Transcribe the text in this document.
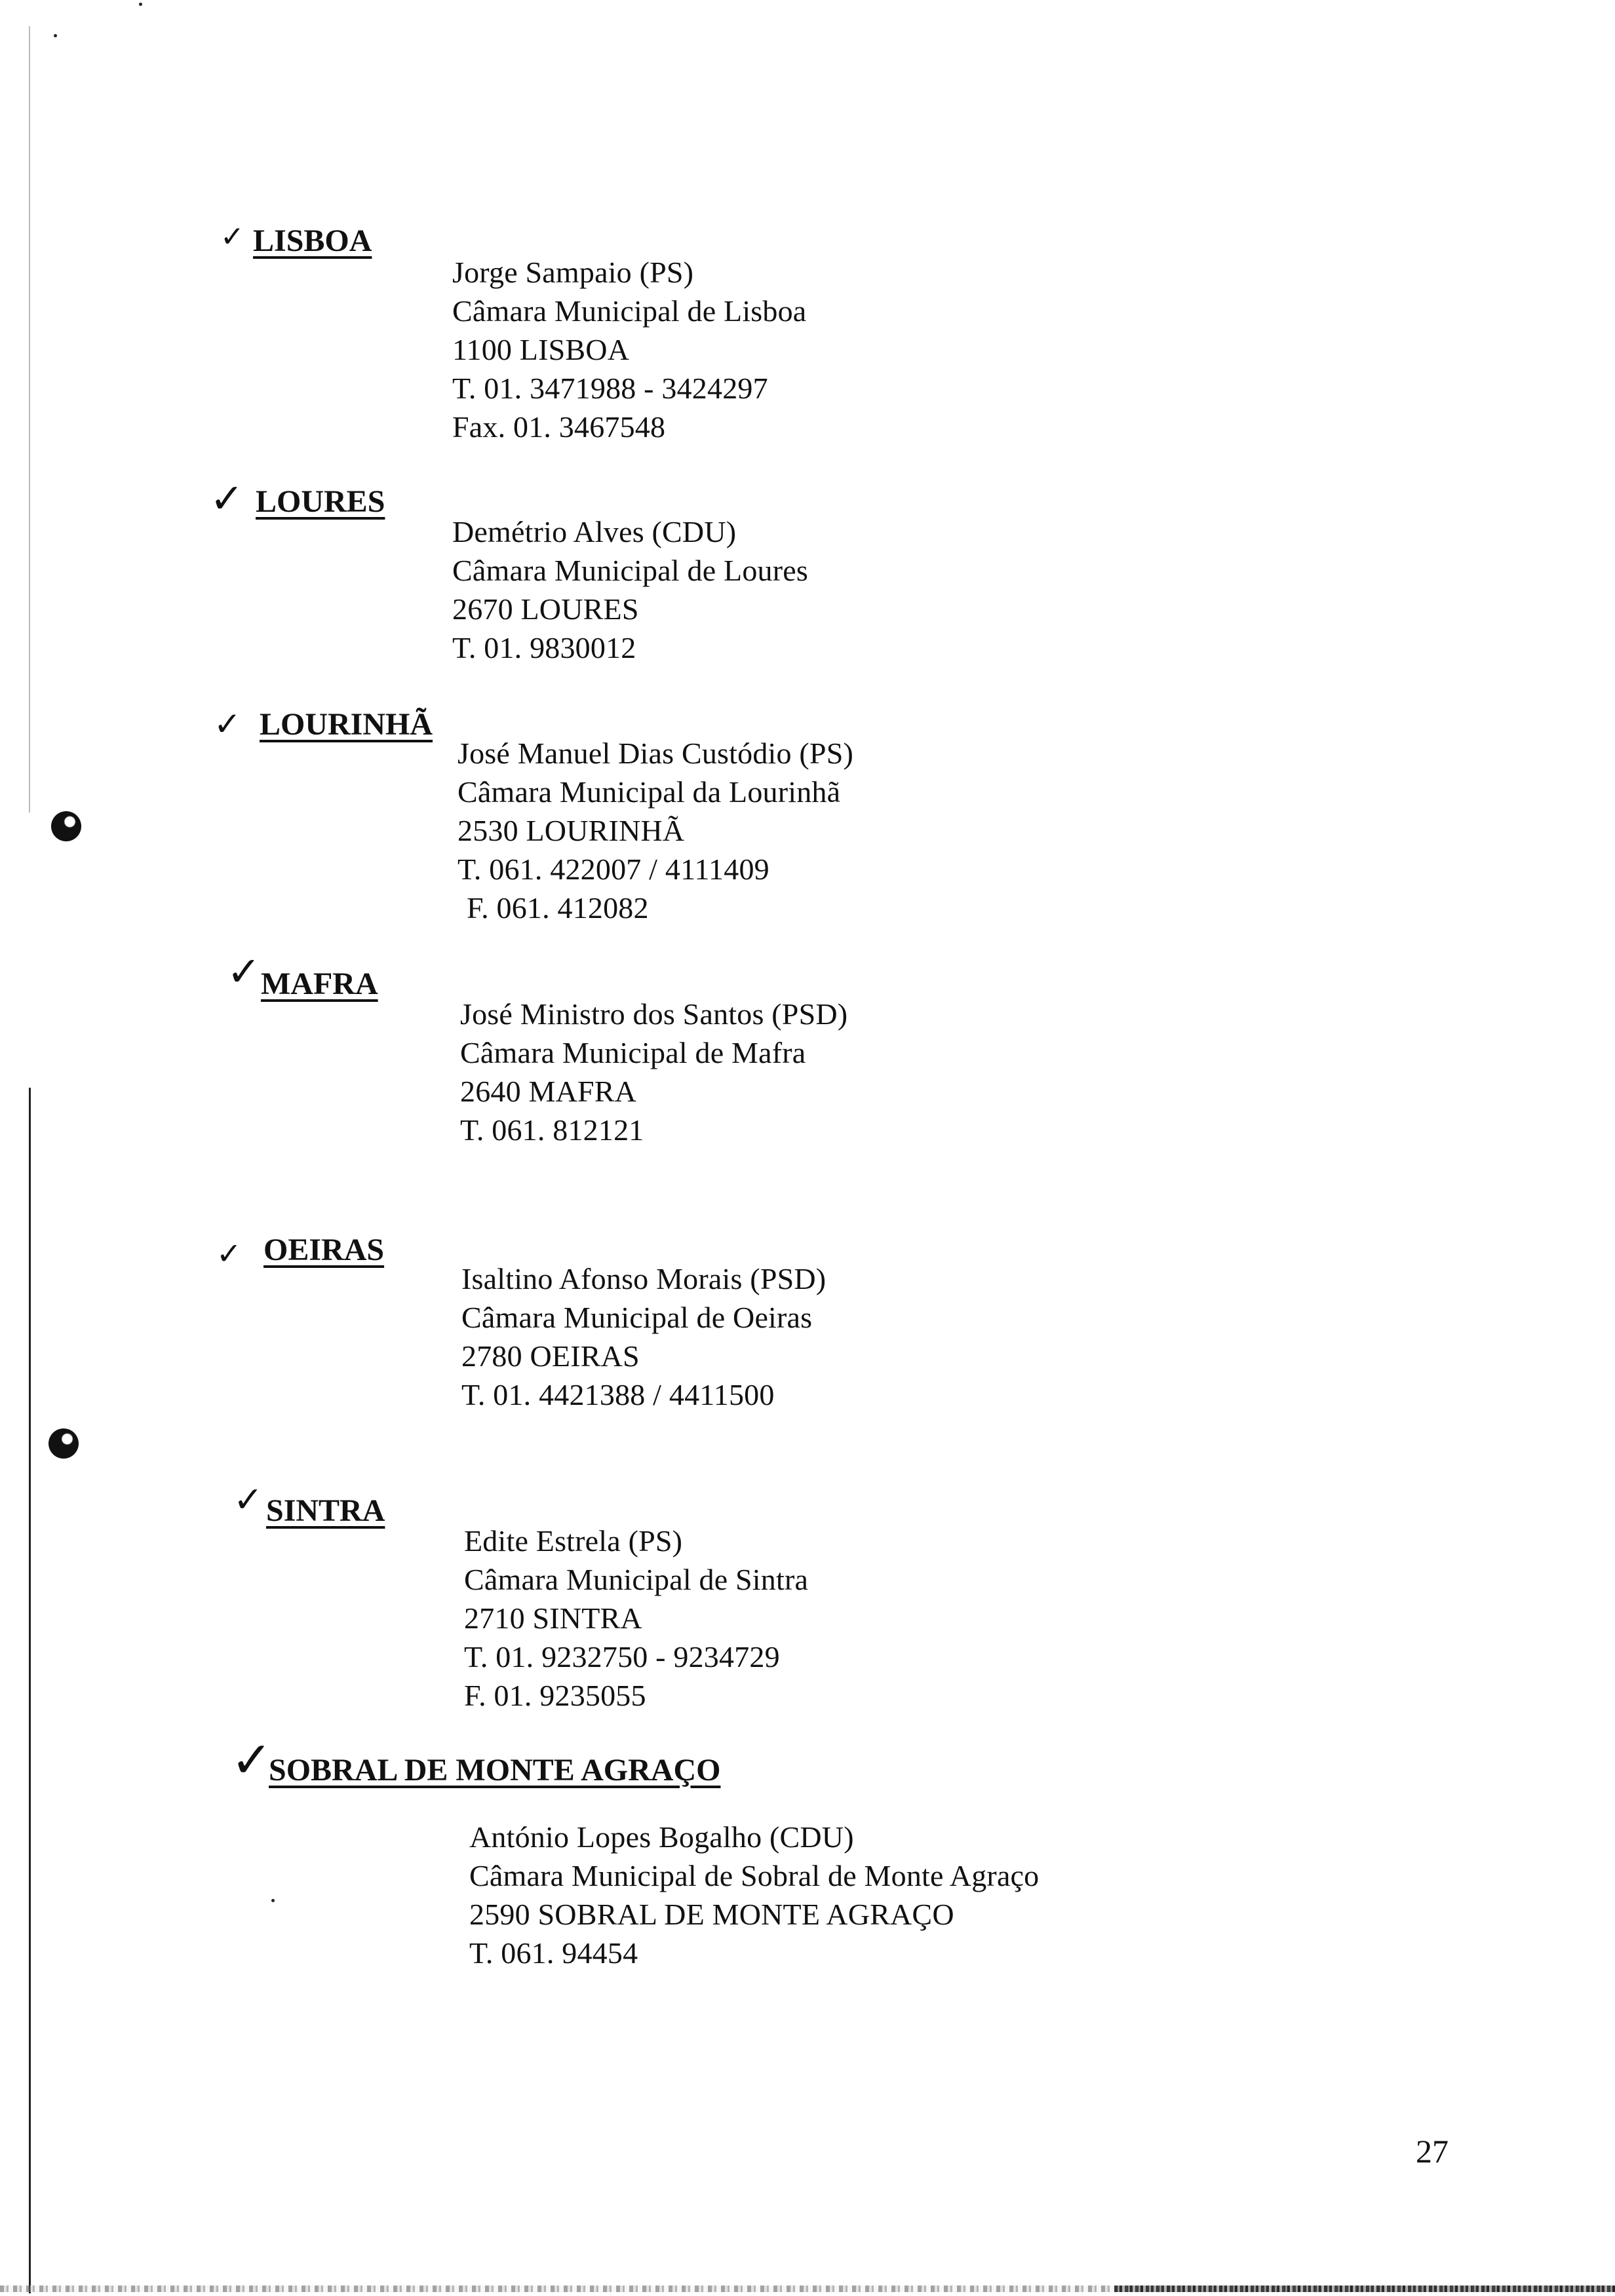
✓ LISBOA
Jorge Sampaio (PS)
Câmara Municipal de Lisboa
1100 LISBOA
T. 01. 3471988 - 3424297
Fax. 01. 3467548
✓ LOURES
Demétrio Alves (CDU)
Câmara Municipal de Loures
2670 LOURES
T. 01. 9830012
✓ LOURINHÃ
José Manuel Dias Custódio (PS)
Câmara Municipal da Lourinhã
2530 LOURINHÃ
T. 061. 422007 / 4111409
F. 061. 412082
✓ MAFRA
José Ministro dos Santos (PSD)
Câmara Municipal de Mafra
2640 MAFRA
T. 061. 812121
✓ OEIRAS
Isaltino Afonso Morais (PSD)
Câmara Municipal de Oeiras
2780 OEIRAS
T. 01. 4421388 / 4411500
✓ SINTRA
Edite Estrela (PS)
Câmara Municipal de Sintra
2710 SINTRA
T. 01. 9232750 - 9234729
F. 01. 9235055
✓
SOBRAL DE MONTE AGRAÇO
António Lopes Bogalho (CDU)
Câmara Municipal de Sobral de Monte Agraço
2590 SOBRAL DE MONTE AGRAÇO
T. 061. 94454
27
